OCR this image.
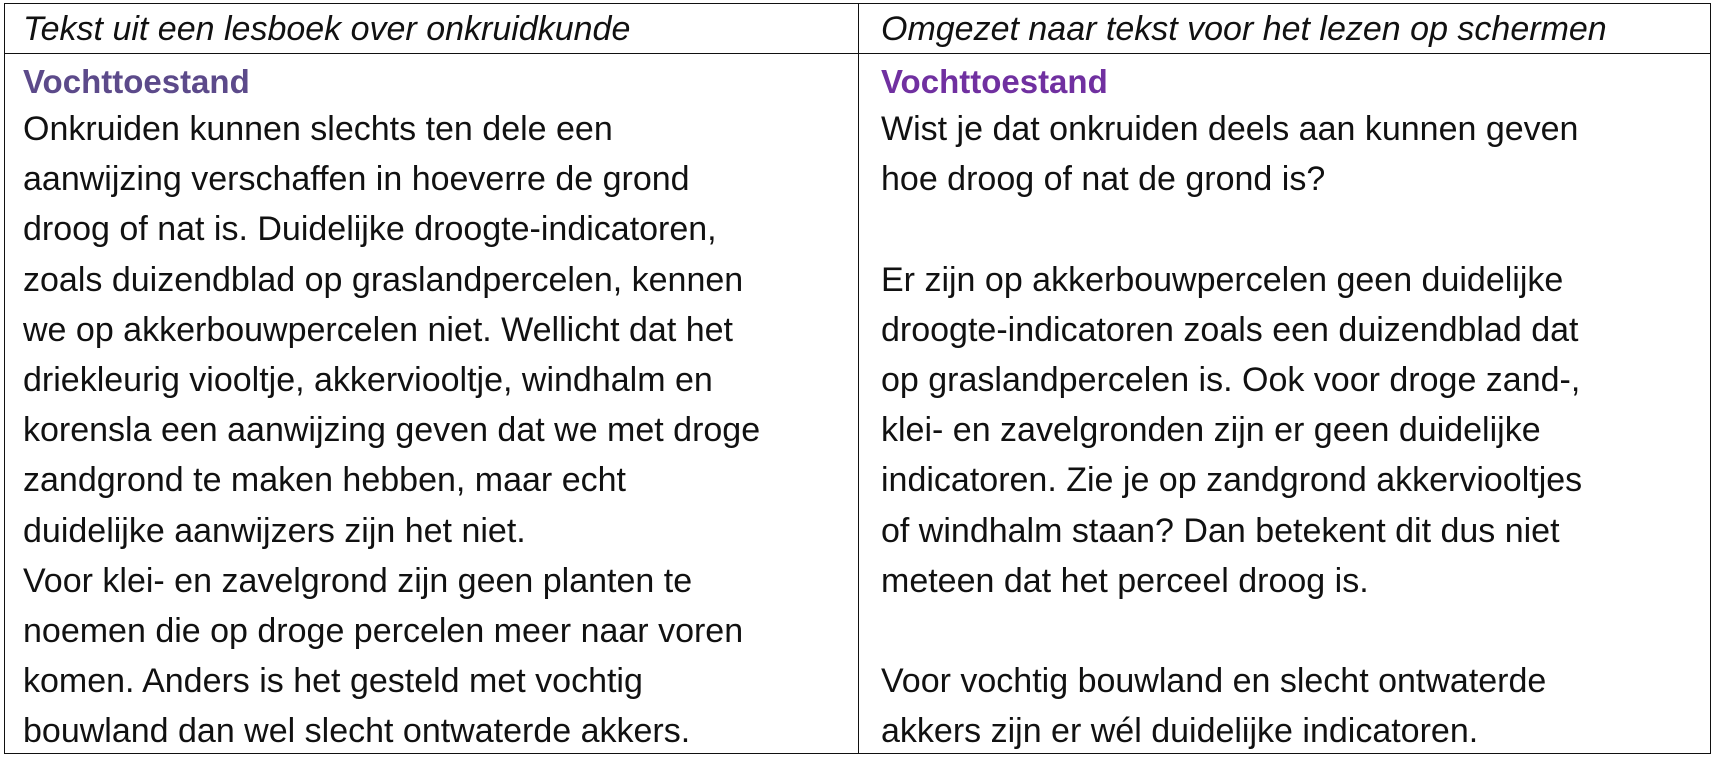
Tekst uit een lesboek over onkruidkunde
Vochttoestand
Onkruiden kunnen slechts ten dele een
aanwijzing verschaffen in hoeverre de grond
droog of nat is. Duidelijke droogte-indicatoren,
zoals duizendblad op graslandpercelen, kennen
we op akkerbouwpercelen niet. Wellicht dat het
driekleurig viooltje, akkerviooltje, windhalm en
korensla een aanwijzing geven dat we met droge
zandgrond te maken hebben, maar echt
duidelijke aanwijzers zijn het niet.
Voor klei- en zavelgrond zijn geen planten te
noemen die op droge percelen meer naar voren
komen. Anders is het gesteld met vochtig
bouwland dan wel slecht ontwaterde akkers.
Omgezet naar tekst voor het lezen op schermen
Vochttoestand
Wist je dat onkruiden deels aan kunnen geven
hoe droog of nat de grond is?
Er zijn op akkerbouwpercelen geen duidelijke
droogte-indicatoren zoals een duizendblad dat
op graslandpercelen is. Ook voor droge zand-,
klei- en zavelgronden zijn er geen duidelijke
indicatoren. Zie je op zandgrond akkerviooltjes
of windhalm staan? Dan betekent dit dus niet
meteen dat het perceel droog is.
Voor vochtig bouwland en slecht ontwaterde
akkers zijn er wél duidelijke indicatoren.
